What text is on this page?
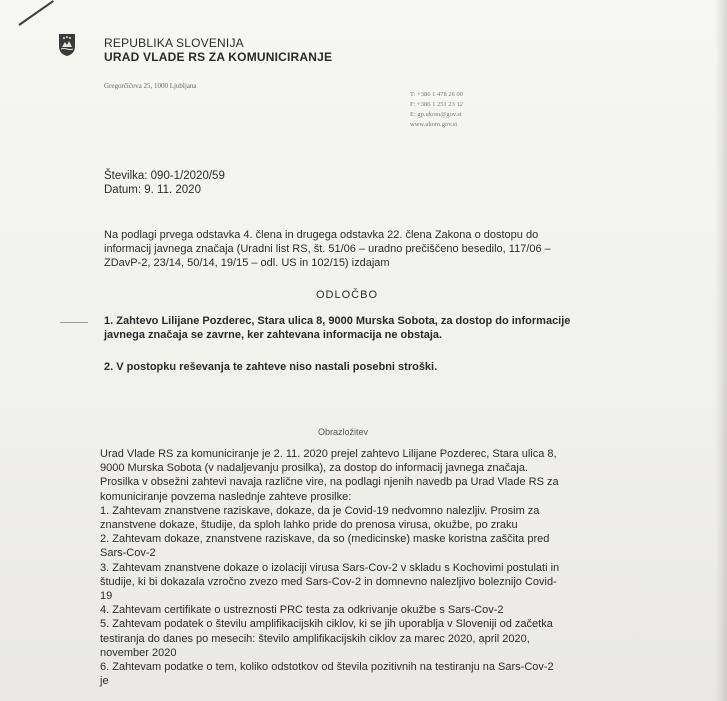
REPUBLIKA SLOVENIJA
URAD VLADE RS ZA KOMUNICIRANJE
Gregorčičeva 25, 1000 Ljubljana
T: +386 1 478 26 00
F: +386 1 251 23 12
E: gp.ukom@gov.si
www.ukom.gov.si
Številka: 090-1/2020/59
Datum: 9. 11. 2020
Na podlagi prvega odstavka 4. člena in drugega odstavka 22. člena Zakona o dostopu do
informacij javnega značaja (Uradni list RS, št. 51/06 – uradno prečiščeno besedilo, 117/06 –
ZDavP-2, 23/14, 50/14, 19/15 – odl. US in 102/15) izdajam
ODLOČBO
1. Zahtevo Lilijane Pozderec, Stara ulica 8, 9000 Murska Sobota, za dostop do informacije
javnega značaja se zavrne, ker zahtevana informacija ne obstaja.
2. V postopku reševanja te zahteve niso nastali posebni stroški.
Obrazložitev
Urad Vlade RS za komuniciranje je 2. 11. 2020 prejel zahtevo Lilijane Pozderec, Stara ulica 8,
9000 Murska Sobota (v nadaljevanju prosilka), za dostop do informacij javnega značaja.
Prosilka v obsežni zahtevi navaja različne vire, na podlagi njenih navedb pa Urad Vlade RS za
komuniciranje povzema naslednje zahteve prosilke:
1. Zahtevam znanstvene raziskave, dokaze, da je Covid-19 nedvomno nalezljiv. Prosim za
znanstvene dokaze, študije, da sploh lahko pride do prenosa virusa, okužbe, po zraku
2. Zahtevam dokaze, znanstvene raziskave, da so (medicinske) maske koristna zaščita pred
Sars-Cov-2
3. Zahtevam znanstvene dokaze o izolaciji virusa Sars-Cov-2 v skladu s Kochovimi postulati in
študije, ki bi dokazala vzročno zvezo med Sars-Cov-2 in domnevno nalezljivo boleznijo Covid-
19
4. Zahtevam certifikate o ustreznosti PRC testa za odkrivanje okužbe s Sars-Cov-2
5. Zahtevam podatek o številu amplifikacijskih ciklov, ki se jih uporablja v Sloveniji od začetka
testiranja do danes po mesecih: število amplifikacijskih ciklov za marec 2020, april 2020,
november 2020
6. Zahtevam podatke o tem, koliko odstotkov od števila pozitivnih na testiranju na Sars-Cov-2
je
